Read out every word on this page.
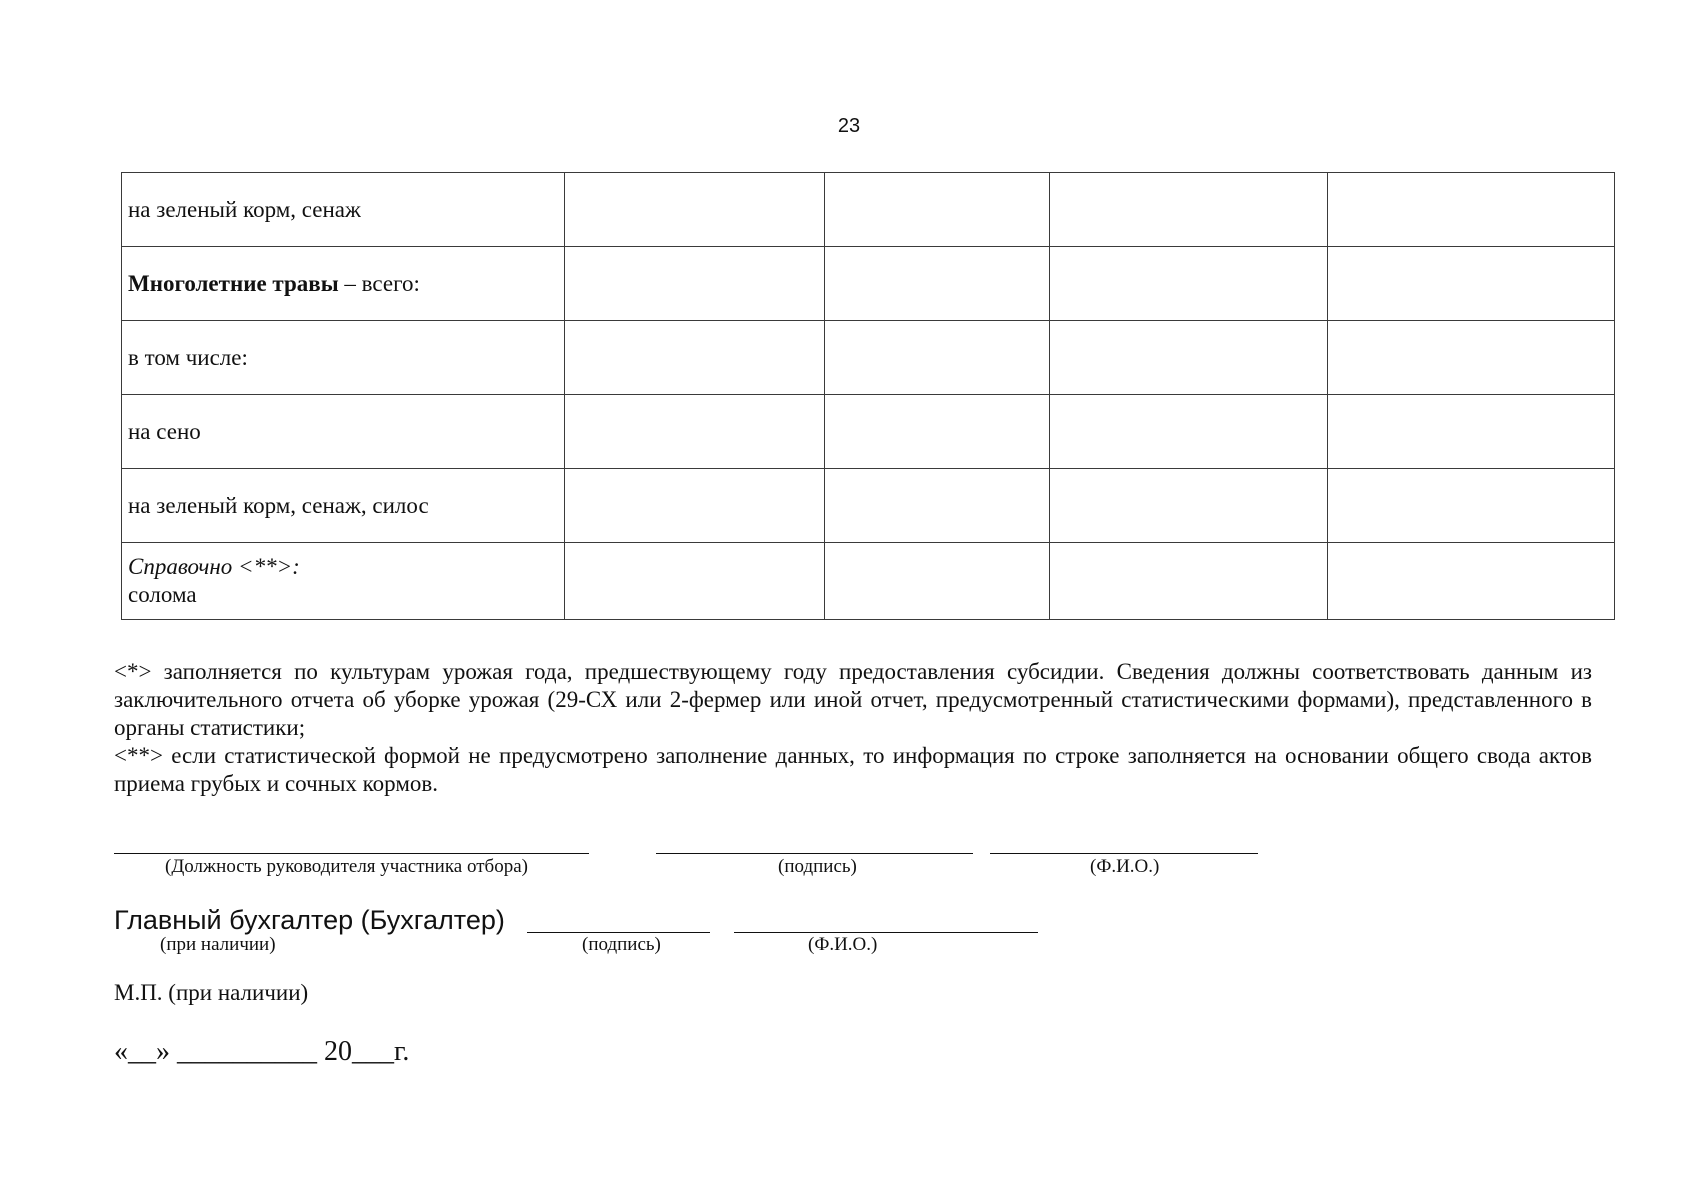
23
на зеленый корм, сенаж				
Многолетние травы – всего:				
в том числе:				
на сено				
на зеленый корм, сенаж, силос				

Справочно <**>:
солома				

<*> заполняется по культурам урожая года, предшествующему году предоставления субсидии. Сведения должны соответствовать данным из заключительного отчета об уборке урожая (29-СХ или 2-фермер или иной отчет, предусмотренный статистическими формами), представленного в органы статистики;

<**> если статистической формой не предусмотрено заполнение данных, то информация по строке заполняется на основании общего свода актов приема грубых и сочных кормов.

(Должность руководителя участника отбора)	(подпись)	(Ф.И.О.)
Главный бухгалтер (Бухгалтер)
(при наличии)	(подпись)	(Ф.И.О.)
М.П. (при наличии)
«__» __________ 20___г.
